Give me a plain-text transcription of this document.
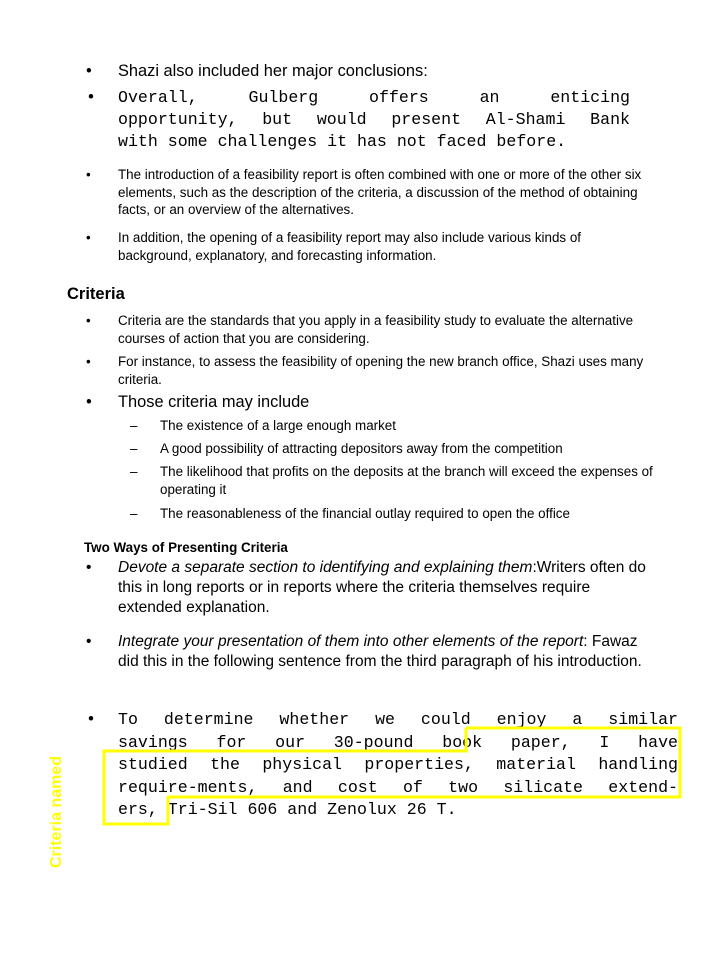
• Shazi also included her major conclusions:
• Overall, Gulberg offers an enticing
opportunity, but would present Al-Shami Bank
with some challenges it has not faced before.
• The introduction of a feasibility report is often combined with one or more of the other six elements, such as the description of the criteria, a discussion of the method of obtaining facts, or an overview of the alternatives.
• In addition, the opening of a feasibility report may also include various kinds of background, explanatory, and forecasting information.
Criteria
• Criteria are the standards that you apply in a feasibility study to evaluate the alternative courses of action that you are considering.
• For instance, to assess the feasibility of opening the new branch office, Shazi uses many criteria.
• Those criteria may include
– The existence of a large enough market
– A good possibility of attracting depositors away from the competition
– The likelihood that profits on the deposits at the branch will exceed the expenses of operating it
– The reasonableness of the financial outlay required to open the office
Two Ways of Presenting Criteria
• Devote a separate section to identifying and explaining them:Writers often do this in long reports or in reports where the criteria themselves require extended explanation.
• Integrate your presentation of them into other elements of the report: Fawaz did this in the following sentence from the third paragraph of his introduction.
• To determine whether we could enjoy a similar
savings for our 30-pound book paper, I have
studied the physical properties, material handling
require-ments, and cost of two silicate extend-
ers, Tri-Sil 606 and Zenolux 26 T.
Criteria named
